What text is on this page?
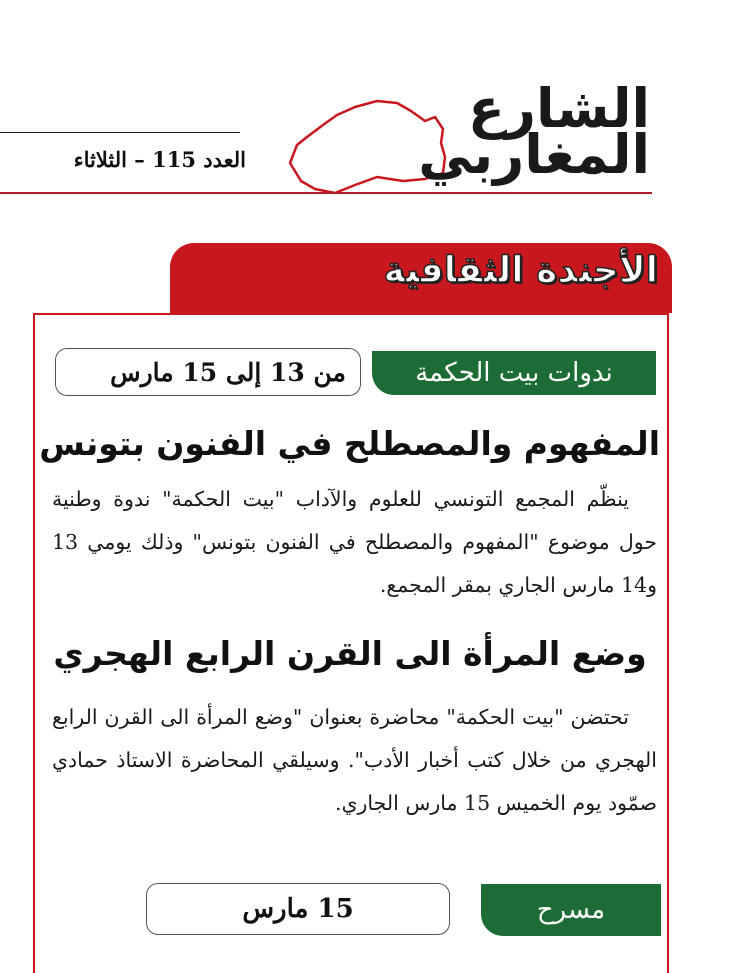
الشارع
المغاربي
العدد 115 – الثلاثاء
الأجندة الثقافية
من 13 إلى 15 مارس	ندوات بيت الحكمة
المفهوم والمصطلح في الفنون بتونس
ينظّم المجمع التونسي للعلوم والآداب "بيت الحكمة" ندوة وطنية حول موضوع "المفهوم والمصطلح في الفنون بتونس" وذلك يومي 13 و14 مارس الجاري بمقر المجمع.
وضع المرأة الى القرن الرابع الهجري
تحتضن "بيت الحكمة" محاضرة بعنوان "وضع المرأة الى القرن الرابع الهجري من خلال كتب أخبار الأدب". وسيلقي المحاضرة الاستاذ حمادي صمّود يوم الخميس 15 مارس الجاري.
15 مارس	مسرح
